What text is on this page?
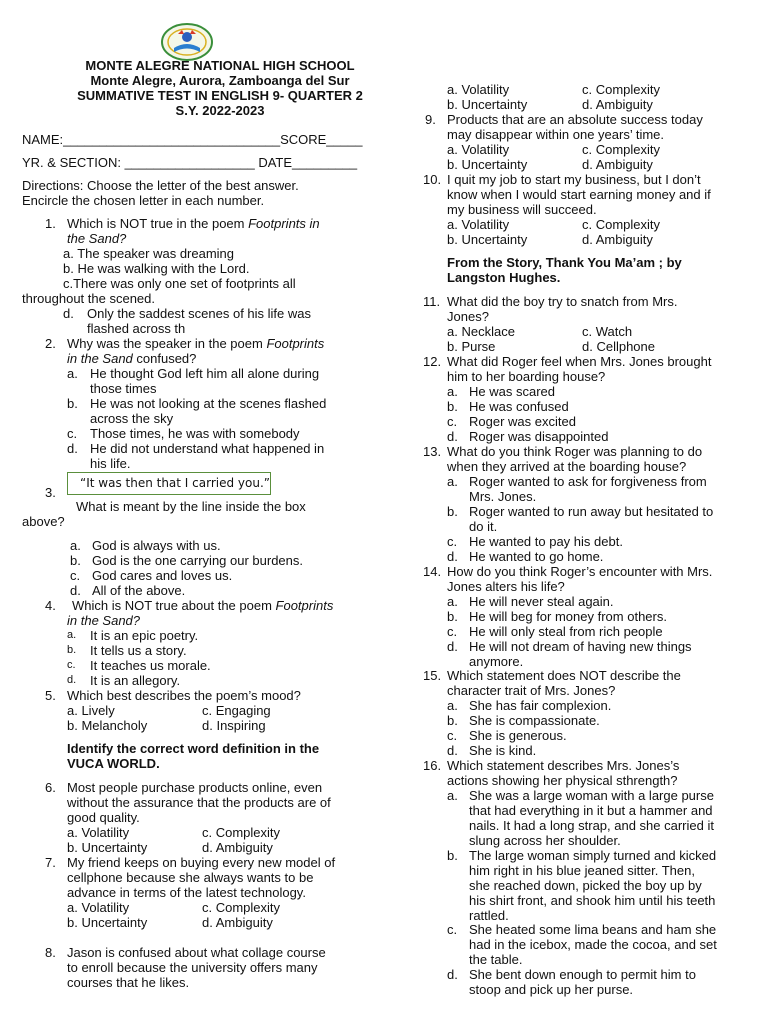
MONTE ALEGRE NATIONAL HIGH SCHOOL
Monte Alegre, Aurora, Zamboanga del Sur
SUMMATIVE TEST IN ENGLISH 9- QUARTER 2
S.Y. 2022-2023
NAME:______________________________SCORE_____
YR. & SECTION: __________________ DATE_________
Directions: Choose the letter of the best answer.
Encircle the chosen letter in each number.
1. Which is NOT true in the poem Footprints in
the Sand?
a. The speaker was dreaming
b. He was walking with the Lord.
c.There was only one set of footprints all
throughout the scened.
d. Only the saddest scenes of his life was
flashed across th
2. Why was the speaker in the poem Footprints
in the Sand confused?
a. He thought God left him all alone during
those times
b. He was not looking at the scenes flashed
across the sky
c. Those times, he was with somebody
d. He did not understand what happened in
his life.
“It was then that I carried you.”
3.
What is meant by the line inside the box
above?
a. God is always with us.
b. God is the one carrying our burdens.
c. God cares and loves us.
d. All of the above.
4. Which is NOT true about the poem Footprints
in the Sand?
a. It is an epic poetry.
b. It tells us a story.
c. It teaches us morale.
d. It is an allegory.
5. Which best describes the poem’s mood?
a. Lively	c. Engaging
b. Melancholy	d. Inspiring
Identify the correct word definition in the
VUCA WORLD.
6. Most people purchase products online, even
without the assurance that the products are of
good quality.
a. Volatility	c. Complexity
b. Uncertainty	d. Ambiguity
7. My friend keeps on buying every new model of
cellphone because she always wants to be
advance in terms of the latest technology.
a. Volatility	c. Complexity
b. Uncertainty	d. Ambiguity
8. Jason is confused about what collage course
to enroll because the university offers many
courses that he likes.
a. Volatility	c. Complexity
b. Uncertainty	d. Ambiguity
9. Products that are an absolute success today
may disappear within one years’ time.
a. Volatility	c. Complexity
b. Uncertainty	d. Ambiguity
10. I quit my job to start my business, but I don’t
know when I would start earning money and if
my business will succeed.
a. Volatility	c. Complexity
b. Uncertainty	d. Ambiguity
From the Story, Thank You Ma’am ; by
Langston Hughes.
11. What did the boy try to snatch from Mrs.
Jones?
a. Necklace	c. Watch
b. Purse	d. Cellphone
12. What did Roger feel when Mrs. Jones brought
him to her boarding house?
a. He was scared
b. He was confused
c. Roger was excited
d. Roger was disappointed
13. What do you think Roger was planning to do
when they arrived at the boarding house?
a. Roger wanted to ask for forgiveness from
Mrs. Jones.
b. Roger wanted to run away but hesitated to
do it.
c. He wanted to pay his debt.
d. He wanted to go home.
14. How do you think Roger’s encounter with Mrs.
Jones alters his life?
a. He will never steal again.
b. He will beg for money from others.
c. He will only steal from rich people
d. He will not dream of having new things
anymore.
15. Which statement does NOT describe the
character trait of Mrs. Jones?
a. She has fair complexion.
b. She is compassionate.
c. She is generous.
d. She is kind.
16. Which statement describes Mrs. Jones’s
actions showing her physical sthrength?
a. She was a large woman with a large purse
that had everything in it but a hammer and
nails. It had a long strap, and she carried it
slung across her shoulder.
b. The large woman simply turned and kicked
him right in his blue jeaned sitter. Then,
she reached down, picked the boy up by
his shirt front, and shook him until his teeth
rattled.
c. She heated some lima beans and ham she
had in the icebox, made the cocoa, and set
the table.
d. She bent down enough to permit him to
stoop and pick up her purse.
